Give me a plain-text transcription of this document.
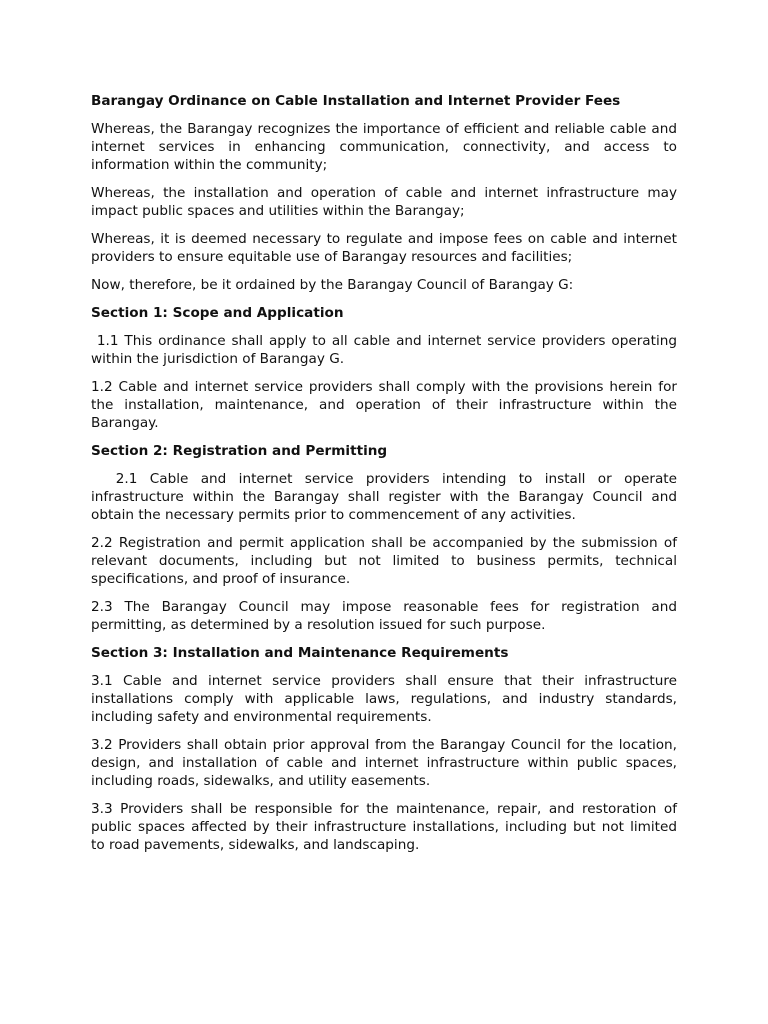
Barangay Ordinance on Cable Installation and Internet Provider Fees

Whereas, the Barangay recognizes the importance of efficient and reliable cable and internet services in enhancing communication, connectivity, and access to information within the community;

Whereas, the installation and operation of cable and internet infrastructure may impact public spaces and utilities within the Barangay;

Whereas, it is deemed necessary to regulate and impose fees on cable and internet providers to ensure equitable use of Barangay resources and facilities;

Now, therefore, be it ordained by the Barangay Council of Barangay G:

Section 1: Scope and Application

1.1 This ordinance shall apply to all cable and internet service providers operating within the jurisdiction of Barangay G.

1.2 Cable and internet service providers shall comply with the provisions herein for the installation, maintenance, and operation of their infrastructure within the Barangay.

Section 2: Registration and Permitting

2.1 Cable and internet service providers intending to install or operate infrastructure within the Barangay shall register with the Barangay Council and obtain the necessary permits prior to commencement of any activities.

2.2 Registration and permit application shall be accompanied by the submission of relevant documents, including but not limited to business permits, technical specifications, and proof of insurance.

2.3 The Barangay Council may impose reasonable fees for registration and permitting, as determined by a resolution issued for such purpose.

Section 3: Installation and Maintenance Requirements

3.1 Cable and internet service providers shall ensure that their infrastructure installations comply with applicable laws, regulations, and industry standards, including safety and environmental requirements.

3.2 Providers shall obtain prior approval from the Barangay Council for the location, design, and installation of cable and internet infrastructure within public spaces, including roads, sidewalks, and utility easements.

3.3 Providers shall be responsible for the maintenance, repair, and restoration of public spaces affected by their infrastructure installations, including but not limited to road pavements, sidewalks, and landscaping.
